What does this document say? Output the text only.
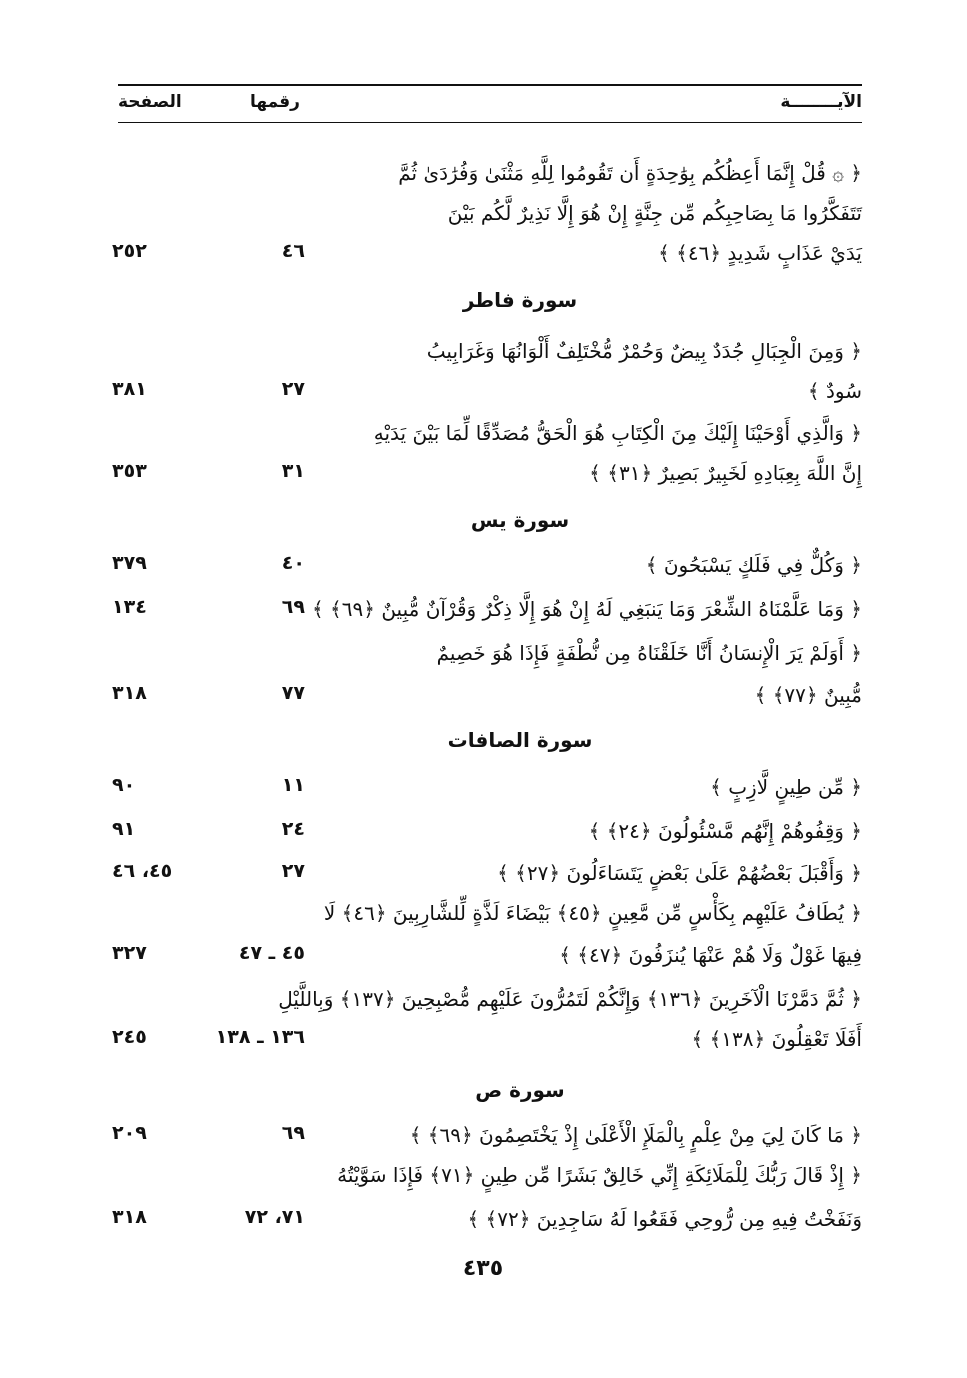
الصفحة	رقمها	الآيــــــــة
﴿ ۞ قُلْ إِنَّمَا أَعِظُكُم بِوَٰحِدَةٍ أَن تَقُومُوا لِلَّهِ مَثْنَىٰ وَفُرَٰدَىٰ ثُمَّ
تَتَفَكَّرُوا مَا بِصَاحِبِكُم مِّن جِنَّةٍ إِنْ هُوَ إِلَّا نَذِيرٌ لَّكُم بَيْنَ
يَدَيْ عَذَابٍ شَدِيدٍ ﴿٤٦﴾ ﴾
٤٦
٢٥٢
سورة فاطر
﴿ وَمِنَ الْجِبَالِ جُدَدٌ بِيضٌ وَحُمْرٌ مُّخْتَلِفٌ أَلْوَانُهَا وَغَرَابِيبُ
سُودٌ ﴾
٢٧
٣٨١
﴿ وَالَّذِي أَوْحَيْنَا إِلَيْكَ مِنَ الْكِتَابِ هُوَ الْحَقُّ مُصَدِّقًا لِّمَا بَيْنَ يَدَيْهِ
إِنَّ اللَّهَ بِعِبَادِهِ لَخَبِيرٌ بَصِيرٌ ﴿٣١﴾ ﴾
٣١
٣٥٣
سورة يس
﴿ وَكُلٌّ فِي فَلَكٍ يَسْبَحُونَ ﴾
٤٠
٣٧٩
﴿ وَمَا عَلَّمْنَاهُ الشِّعْرَ وَمَا يَنبَغِي لَهُ إِنْ هُوَ إِلَّا ذِكْرٌ وَقُرْآنٌ مُّبِينٌ ﴿٦٩﴾ ﴾
٦٩
١٣٤
﴿ أَوَلَمْ يَرَ الْإِنسَانُ أَنَّا خَلَقْنَاهُ مِن نُّطْفَةٍ فَإِذَا هُوَ خَصِيمٌ
مُّبِينٌ ﴿٧٧﴾ ﴾
٧٧
٣١٨
سورة الصافات
﴿ مِّن طِينٍ لَّازِبٍ ﴾
١١
٩٠
﴿ وَقِفُوهُمْ إِنَّهُم مَّسْئُولُونَ ﴿٢٤﴾ ﴾
٢٤
٩١
﴿ وَأَقْبَلَ بَعْضُهُمْ عَلَىٰ بَعْضٍ يَتَسَاءَلُونَ ﴿٢٧﴾ ﴾
٢٧
٤٥، ٤٦
﴿ يُطَافُ عَلَيْهِم بِكَأْسٍ مِّن مَّعِينٍ ﴿٤٥﴾ بَيْضَاءَ لَذَّةٍ لِّلشَّارِبِينَ ﴿٤٦﴾ لَا
فِيهَا غَوْلٌ وَلَا هُمْ عَنْهَا يُنزَفُونَ ﴿٤٧﴾ ﴾
٤٥ ـ ٤٧
٣٢٧
﴿ ثُمَّ دَمَّرْنَا الْآخَرِينَ ﴿١٣٦﴾ وَإِنَّكُمْ لَتَمُرُّونَ عَلَيْهِم مُّصْبِحِينَ ﴿١٣٧﴾ وَبِاللَّيْلِ
أَفَلَا تَعْقِلُونَ ﴿١٣٨﴾ ﴾
١٣٦ ـ ١٣٨
٢٤٥
سورة ص
﴿ مَا كَانَ لِيَ مِنْ عِلْمٍ بِالْمَلَإِ الْأَعْلَىٰ إِذْ يَخْتَصِمُونَ ﴿٦٩﴾ ﴾
٦٩
٢٠٩
﴿ إِذْ قَالَ رَبُّكَ لِلْمَلَائِكَةِ إِنِّي خَالِقٌ بَشَرًا مِّن طِينٍ ﴿٧١﴾ فَإِذَا سَوَّيْتُهُ
وَنَفَخْتُ فِيهِ مِن رُّوحِي فَقَعُوا لَهُ سَاجِدِينَ ﴿٧٢﴾ ﴾
٧١، ٧٢
٣١٨
٤٣٥
